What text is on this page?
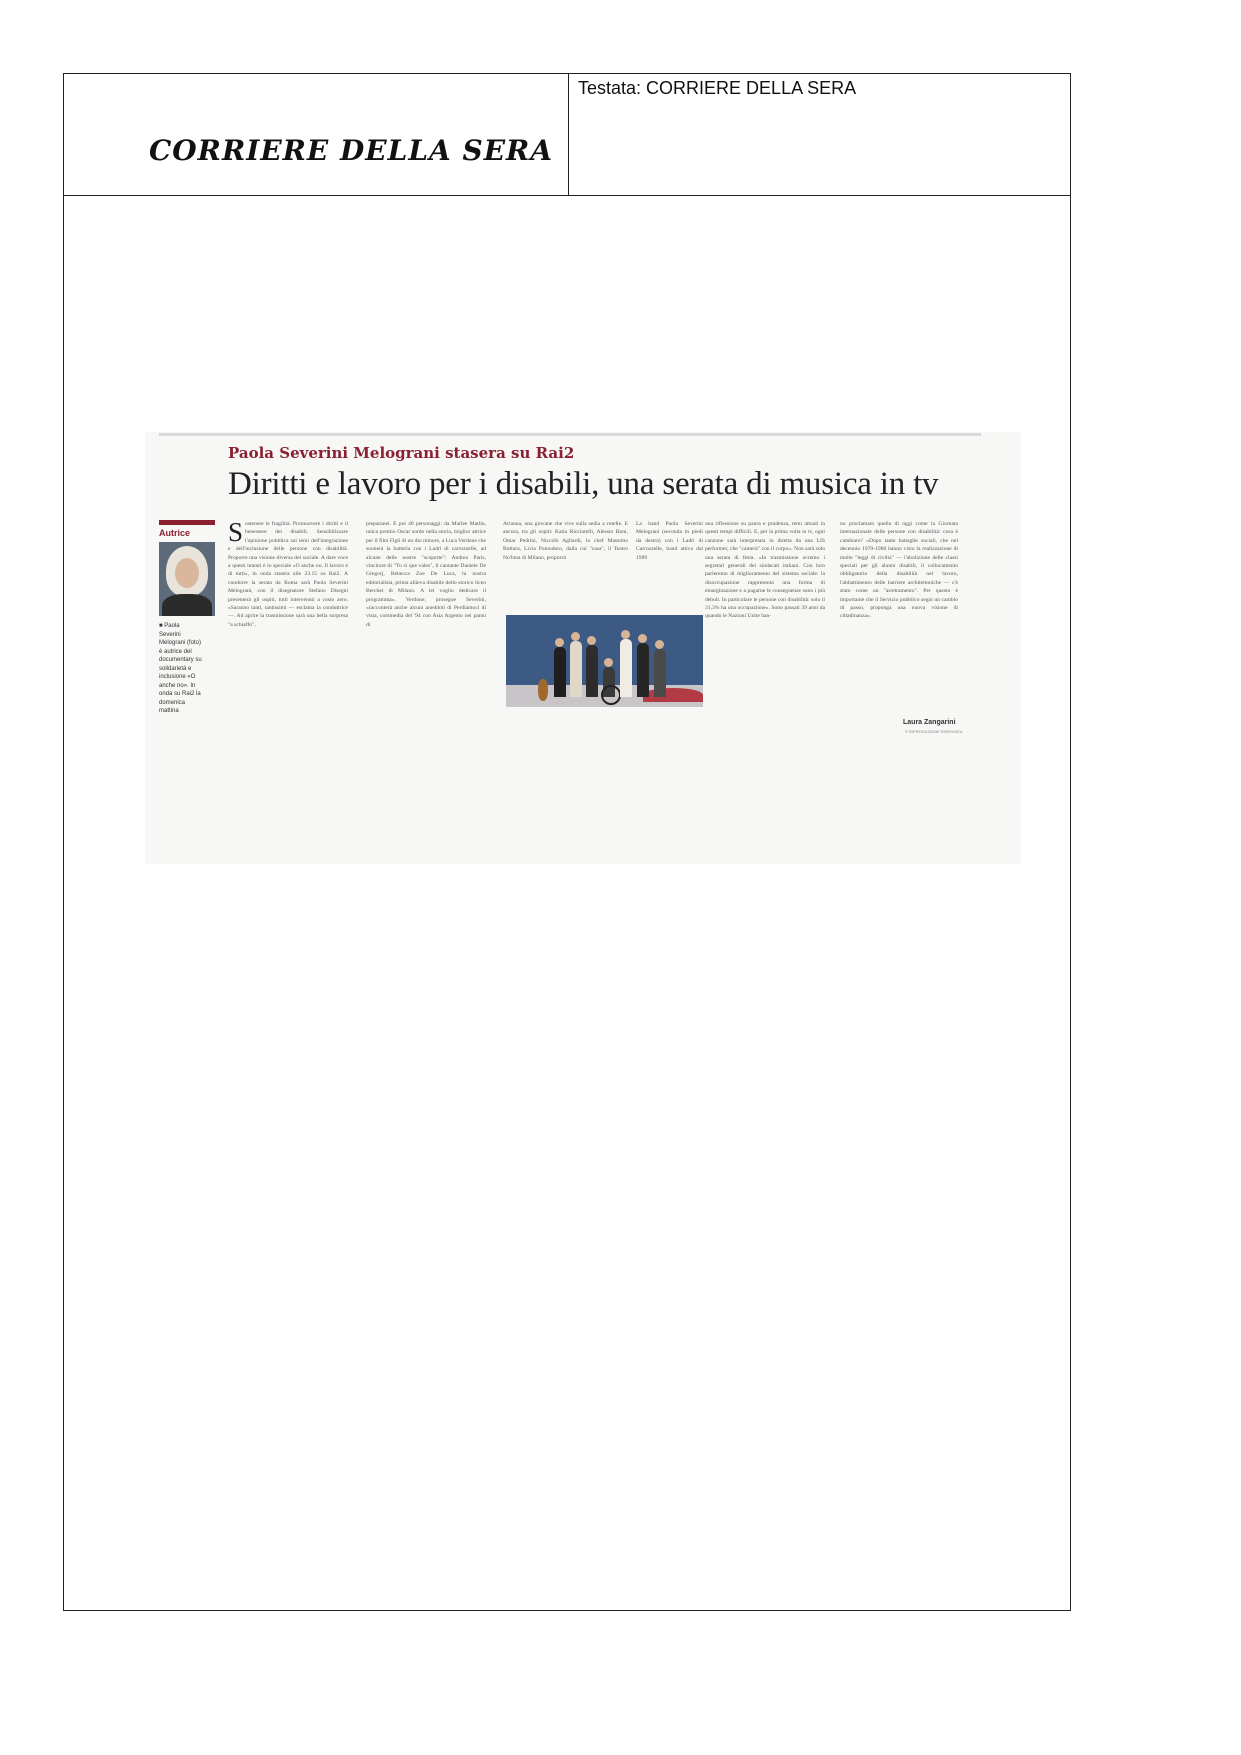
CORRIERE DELLA SERA
Testata: CORRIERE DELLA SERA
Paola Severini Melograni stasera su Rai2
Diritti e lavoro per i disabili, una serata di musica in tv
Autrice
■ Paola
Severini
Melograni (foto)
è autrice del
documentary su
solidarietà e
inclusione «O
anche no». In
onda su Rai2 la
domenica
mattina
Sostenere le fragilità. Promuovere i diritti e il benessere dei disabili. Sensibilizzare l'opinione pubblica sui temi dell'integrazione e dell'inclusione delle persone con disabilità. Proporre una visione diversa del sociale. A dare voce a questi intenti è lo speciale «O anche no. Il lavoro è di tutti», in onda stasera alle 23.15 su Rai2. A condurre la serata da Roma sarà Paola Severini Melograni, con il disegnatore Stefano Disegni presenterà gli ospiti, tutti intervenuti a costo zero. «Saranno tanti, tantissimi — esclama la conduttrice —. Ad aprire la trasmissione sarà una bella sorpresa "a schiaffo",
preparanei. E poi 40 personaggi: da Marlee Matlin, unica premio Oscar sordo nella storia, miglior attrice per il film Figli di un dio minore, a Luca Verdone che suonerà la batteria con i Ladri di carrozzelle, ad alcune delle nostre "scoperte": Andrea Paris, vincitore di "Tu sì que vales", il cantante Daniele De Gregorj, Rebecca Zoe De Luca, la nostra editorialista, prima allieva disabile dello storico liceo Berchet di Milano. A lei voglio dedicare il programma». Verdone, prosegue Severini, «racconterà anche alcuni aneddoti di Perdiamoci di vista, commedia del '94 con Asia Argento nei panni di
Arianna, una giovane che vive sulla sedia a rotelle. E ancora, tra gli ospiti: Katia Ricciarelli, Alessio Boni, Omar Pedrini, Niccolò Agliardi, lo chef Massimo Bottura, Livia Pomodoro, dalla cui "casa", il Teatro No'hma di Milano, proporrà
La band Paola Severini Melograni (seconda in piedi da destra) con i Ladri di Carrozzelle, band attiva dal 1989
una riflessione su paura e prudenza, temi attuali in questi tempi difficili. E, per la prima volta in tv, ogni canzone sarà interpretata in diretta da una LIS performer, che "canterà" con il corpo». Non sarà solo una serata di festa. «In trasmissione avremo i segretari generali dei sindacati italiani. Con loro parleremo di miglioramento del sistema sociale: la disoccupazione rappresenta una forma di emarginazione e a pagarne le conseguenze sono i più deboli. In particolare le persone con disabilità: solo il 31,3% ha una occupazione». Sono passati 39 anni da quando le Nazioni Unite han-
no proclamato quella di oggi come la Giornata internazionale delle persone con disabilità: cosa è cambiato? «Dopo tante battaglie sociali, che nel decennio 1970-1980 hanno visto la realizzazione di molte "leggi di civiltà" — l'abolizione delle classi speciali per gli alunni disabili, il collocamento obbligatorio della disabilità nel lavoro, l'abbattimento delle barriere architettoniche — c'è stato come un "arretramento". Per questo è importante che il Servizio pubblico segni un cambio di passo, proponga una nuova visione di cittadinanza».
Laura Zangarini
© RIPRODUZIONE RISERVATA
